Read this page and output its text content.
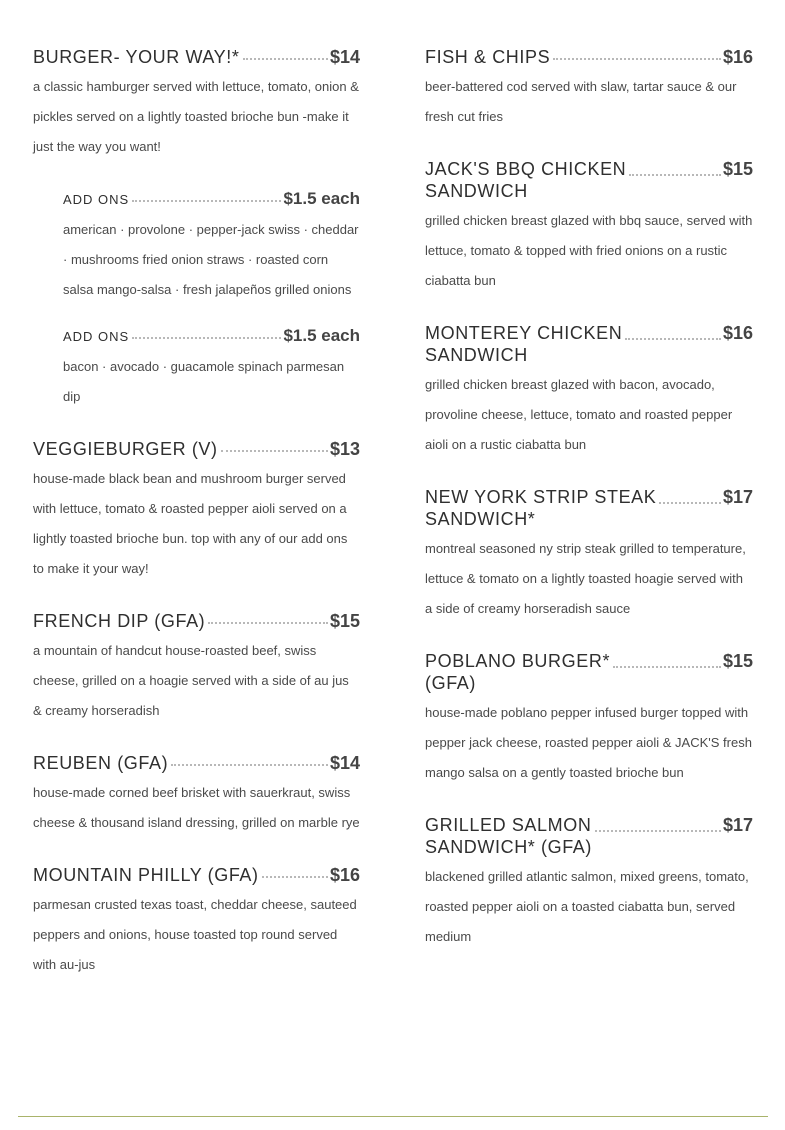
BURGER- YOUR WAY!*	$14
a classic hamburger served with lettuce, tomato, onion & pickles served on a lightly toasted brioche bun -make it just the way you want!
ADD ONS	$1.5 each
american · provolone · pepper-jack swiss · cheddar · mushrooms fried onion straws · roasted corn salsa mango-salsa · fresh jalapeños grilled onions
ADD ONS	$1.5 each
bacon · avocado · guacamole spinach parmesan dip
VEGGIEBURGER (V)	$13
house-made black bean and mushroom burger served with lettuce, tomato & roasted pepper aioli served on a lightly toasted brioche bun. top with any of our add ons to make it your way!
FRENCH DIP (GFA)	$15
a mountain of handcut house-roasted beef, swiss cheese, grilled on a hoagie served with a side of au jus & creamy horseradish
REUBEN (GFA)	$14
house-made corned beef brisket with sauerkraut, swiss cheese & thousand island dressing, grilled on marble rye
MOUNTAIN PHILLY (GFA)	$16
parmesan crusted texas toast, cheddar cheese, sauteed peppers and onions, house toasted top round served with au-jus
FISH & CHIPS	$16
beer-battered cod served with slaw, tartar sauce & our fresh cut fries
JACK'S BBQ CHICKEN
SANDWICH
$15
grilled chicken breast glazed with bbq sauce, served with lettuce, tomato & topped with fried onions on a rustic ciabatta bun
MONTEREY CHICKEN
SANDWICH
$16
grilled chicken breast glazed with bacon, avocado, provoline cheese, lettuce, tomato and roasted pepper aioli on a rustic ciabatta bun
NEW YORK STRIP STEAK
SANDWICH*
$17
montreal seasoned ny strip steak grilled to temperature, lettuce & tomato on a lightly toasted hoagie served with a side of creamy horseradish sauce
POBLANO BURGER*
(GFA)
$15
house-made poblano pepper infused burger topped with pepper jack cheese, roasted pepper aioli & JACK'S fresh mango salsa on a gently toasted brioche bun
GRILLED SALMON
SANDWICH* (GFA)
$17
blackened grilled atlantic salmon, mixed greens, tomato, roasted pepper aioli on a toasted ciabatta bun, served medium
